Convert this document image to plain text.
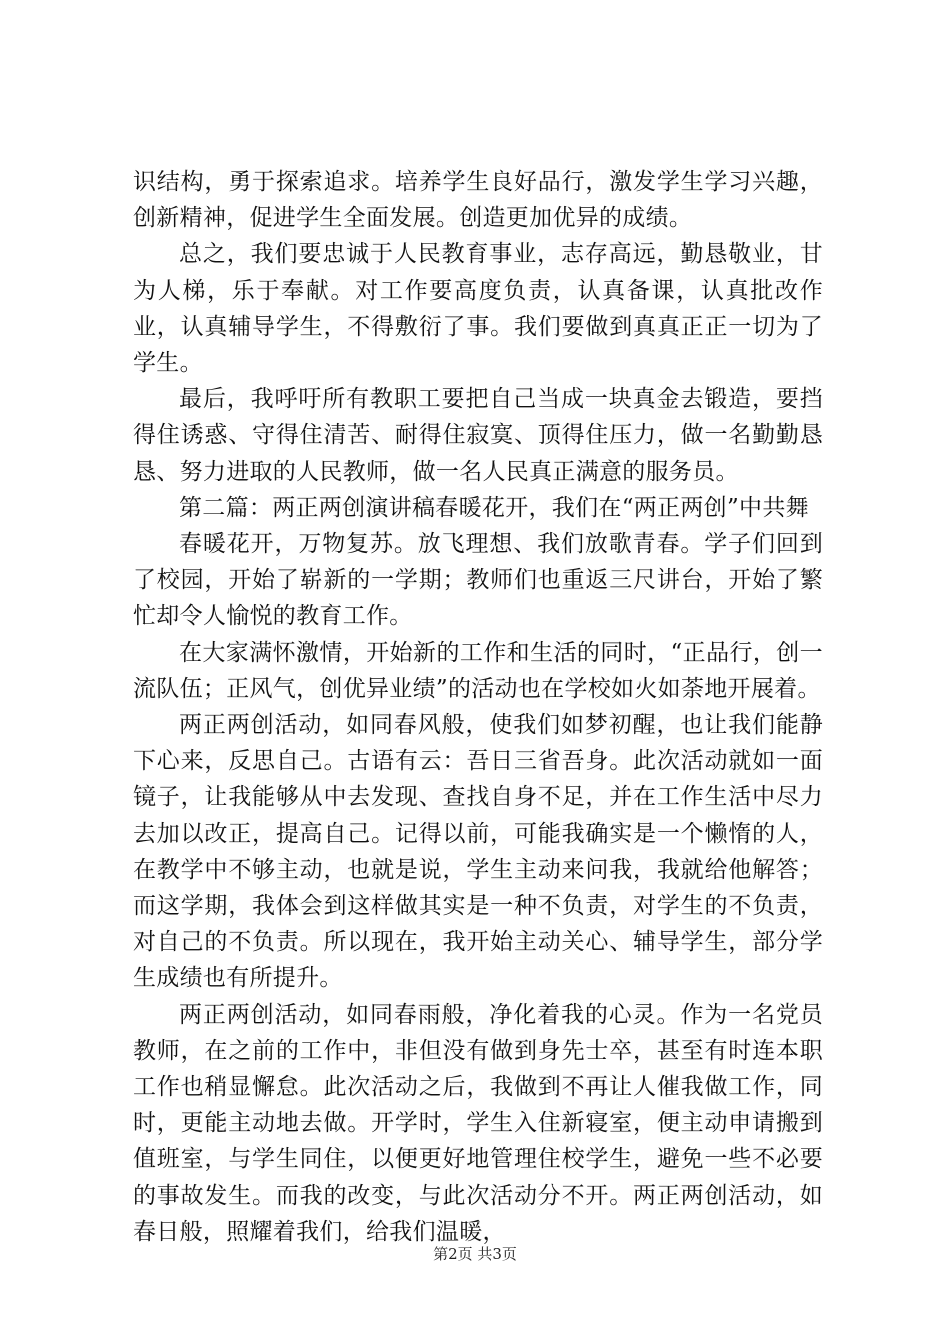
识结构，勇于探索追求。培养学生良好品行，激发学生学习兴趣，创新精神，促进学生全面发展。创造更加优异的成绩。

总之，我们要忠诚于人民教育事业，志存高远，勤恳敬业，甘为人梯，乐于奉献。对工作要高度负责，认真备课，认真批改作业，认真辅导学生，不得敷衍了事。我们要做到真真正正一切为了学生。

最后，我呼吁所有教职工要把自己当成一块真金去锻造，要挡得住诱惑、守得住清苦、耐得住寂寞、顶得住压力，做一名勤勤恳恳、努力进取的人民教师，做一名人民真正满意的服务员。

第二篇：两正两创演讲稿春暖花开，我们在“两正两创”中共舞

春暖花开，万物复苏。放飞理想、我们放歌青春。学子们回到了校园，开始了崭新的一学期；教师们也重返三尺讲台，开始了繁忙却令人愉悦的教育工作。

在大家满怀激情，开始新的工作和生活的同时，“正品行，创一流队伍；正风气，创优异业绩”的活动也在学校如火如荼地开展着。

两正两创活动，如同春风般，使我们如梦初醒，也让我们能静下心来，反思自己。古语有云：吾日三省吾身。此次活动就如一面镜子，让我能够从中去发现、查找自身不足，并在工作生活中尽力去加以改正，提高自己。记得以前，可能我确实是一个懒惰的人，在教学中不够主动，也就是说，学生主动来问我，我就给他解答；而这学期，我体会到这样做其实是一种不负责，对学生的不负责，对自己的不负责。所以现在，我开始主动关心、辅导学生，部分学生成绩也有所提升。

两正两创活动，如同春雨般，净化着我的心灵。作为一名党员教师，在之前的工作中，非但没有做到身先士卒，甚至有时连本职工作也稍显懈怠。此次活动之后，我做到不再让人催我做工作，同时，更能主动地去做。开学时，学生入住新寝室，便主动申请搬到值班室，与学生同住，以便更好地管理住校学生，避免一些不必要的事故发生。而我的改变，与此次活动分不开。两正两创活动，如春日般，照耀着我们，给我们温暖，

第2页 共3页
